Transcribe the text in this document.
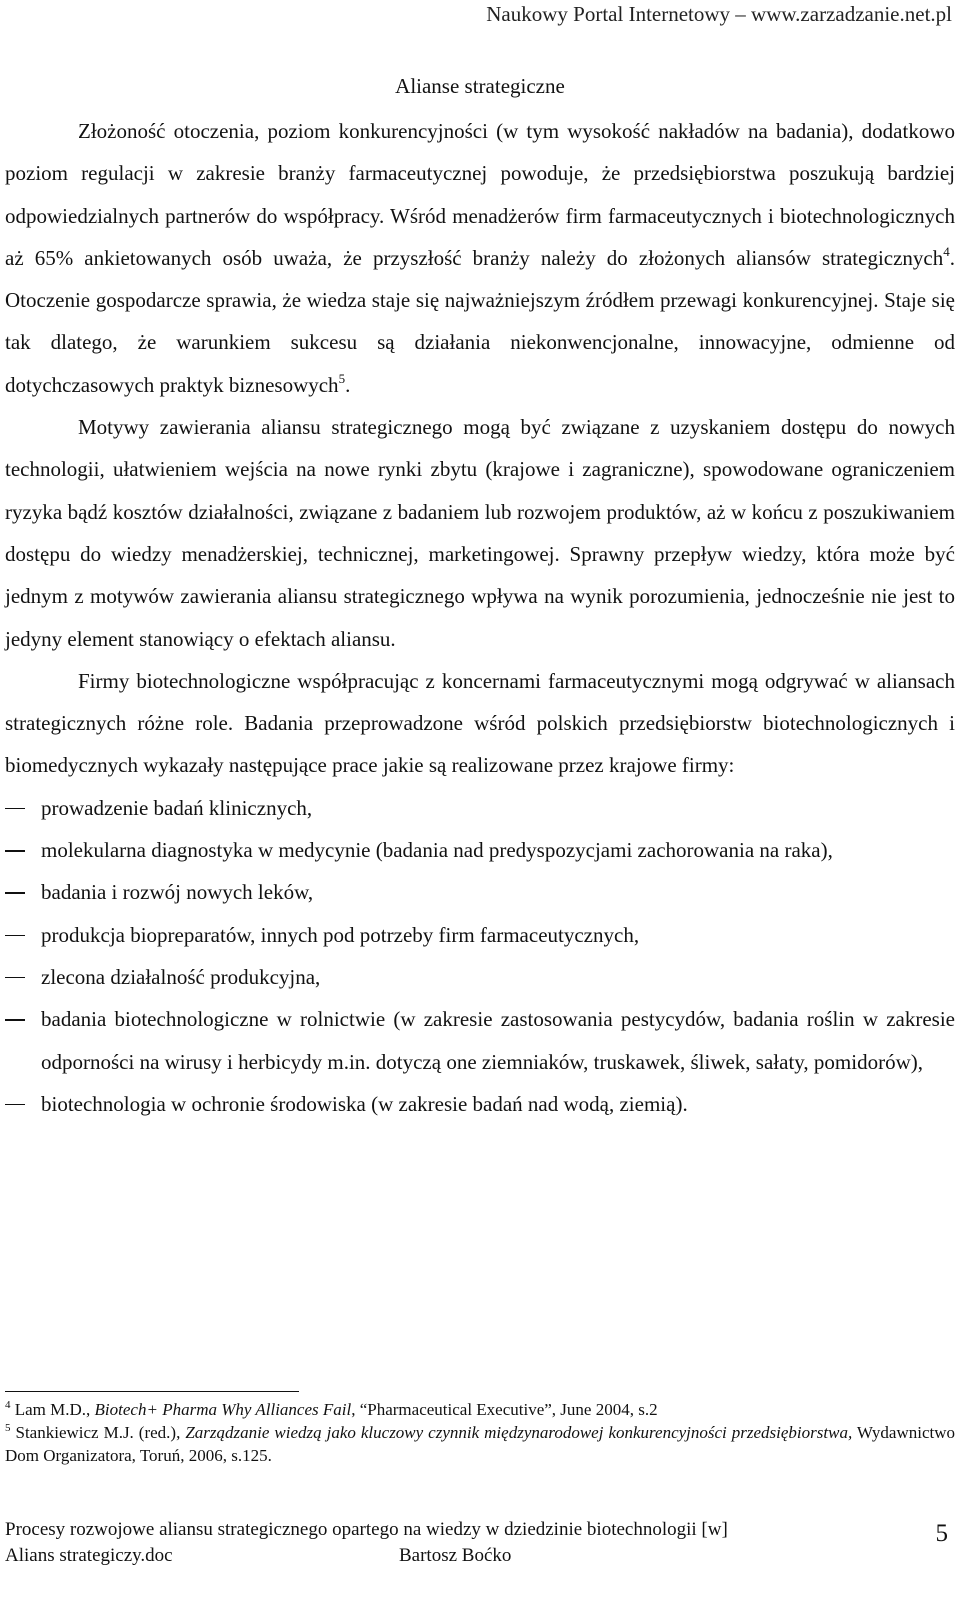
Naukowy Portal Internetowy – www.zarzadzanie.net.pl
Alianse strategiczne

Złożoność otoczenia, poziom konkurencyjności (w tym wysokość nakładów na badania), dodatkowo poziom regulacji w zakresie branży farmaceutycznej powoduje, że przedsiębiorstwa poszukują bardziej odpowiedzialnych partnerów do współpracy. Wśród menadżerów firm farmaceutycznych i biotechnologicznych aż 65% ankietowanych osób uważa, że przyszłość branży należy do złożonych aliansów strategicznych$^4$. Otoczenie gospodarcze sprawia, że wiedza staje się najważniejszym źródłem przewagi konkurencyjnej. Staje się tak dlatego, że warunkiem sukcesu są działania niekonwencjonalne, innowacyjne, odmienne od dotychczasowych praktyk biznesowych$^5$.

Motywy zawierania aliansu strategicznego mogą być związane z uzyskaniem dostępu do nowych technologii, ułatwieniem wejścia na nowe rynki zbytu (krajowe i zagraniczne), spowodowane ograniczeniem ryzyka bądź kosztów działalności, związane z badaniem lub rozwojem produktów, aż w końcu z poszukiwaniem dostępu do wiedzy menadżerskiej, technicznej, marketingowej. Sprawny przepływ wiedzy, która może być jednym z motywów zawierania aliansu strategicznego wpływa na wynik porozumienia, jednocześnie nie jest to jedyny element stanowiący o efektach aliansu.

Firmy biotechnologiczne współpracując z koncernami farmaceutycznymi mogą odgrywać w aliansach strategicznych różne role. Badania przeprowadzone wśród polskich przedsiębiorstw biotechnologicznych i biomedycznych wykazały następujące prace jakie są realizowane przez krajowe firmy:

prowadzenie badań klinicznych,
molekularna diagnostyka w medycynie (badania nad predyspozycjami zachorowania na raka),
badania i rozwój nowych leków,
produkcja biopreparatów, innych pod potrzeby firm farmaceutycznych,
zlecona działalność produkcyjna,
badania biotechnologiczne w rolnictwie (w zakresie zastosowania pestycydów, badania roślin w zakresie odporności na wirusy i herbicydy m.in. dotyczą one ziemniaków, truskawek, śliwek, sałaty, pomidorów),
biotechnologia w ochronie środowiska (w zakresie badań nad wodą, ziemią).

$^4$ Lam M.D., Biotech+ Pharma Why Alliances Fail, “Pharmaceutical Executive”, June 2004, s.2

$^5$ Stankiewicz M.J. (red.), Zarządzanie wiedzą jako kluczowy czynnik międzynarodowej konkurencyjności przedsiębiorstwa, Wydawnictwo Dom Organizatora, Toruń, 2006, s.125.

Procesy rozwojowe aliansu strategicznego opartego na wiedzy w dziedzinie biotechnologii [w]
Alians strategiczy.doc	Bartosz Boćko
5
